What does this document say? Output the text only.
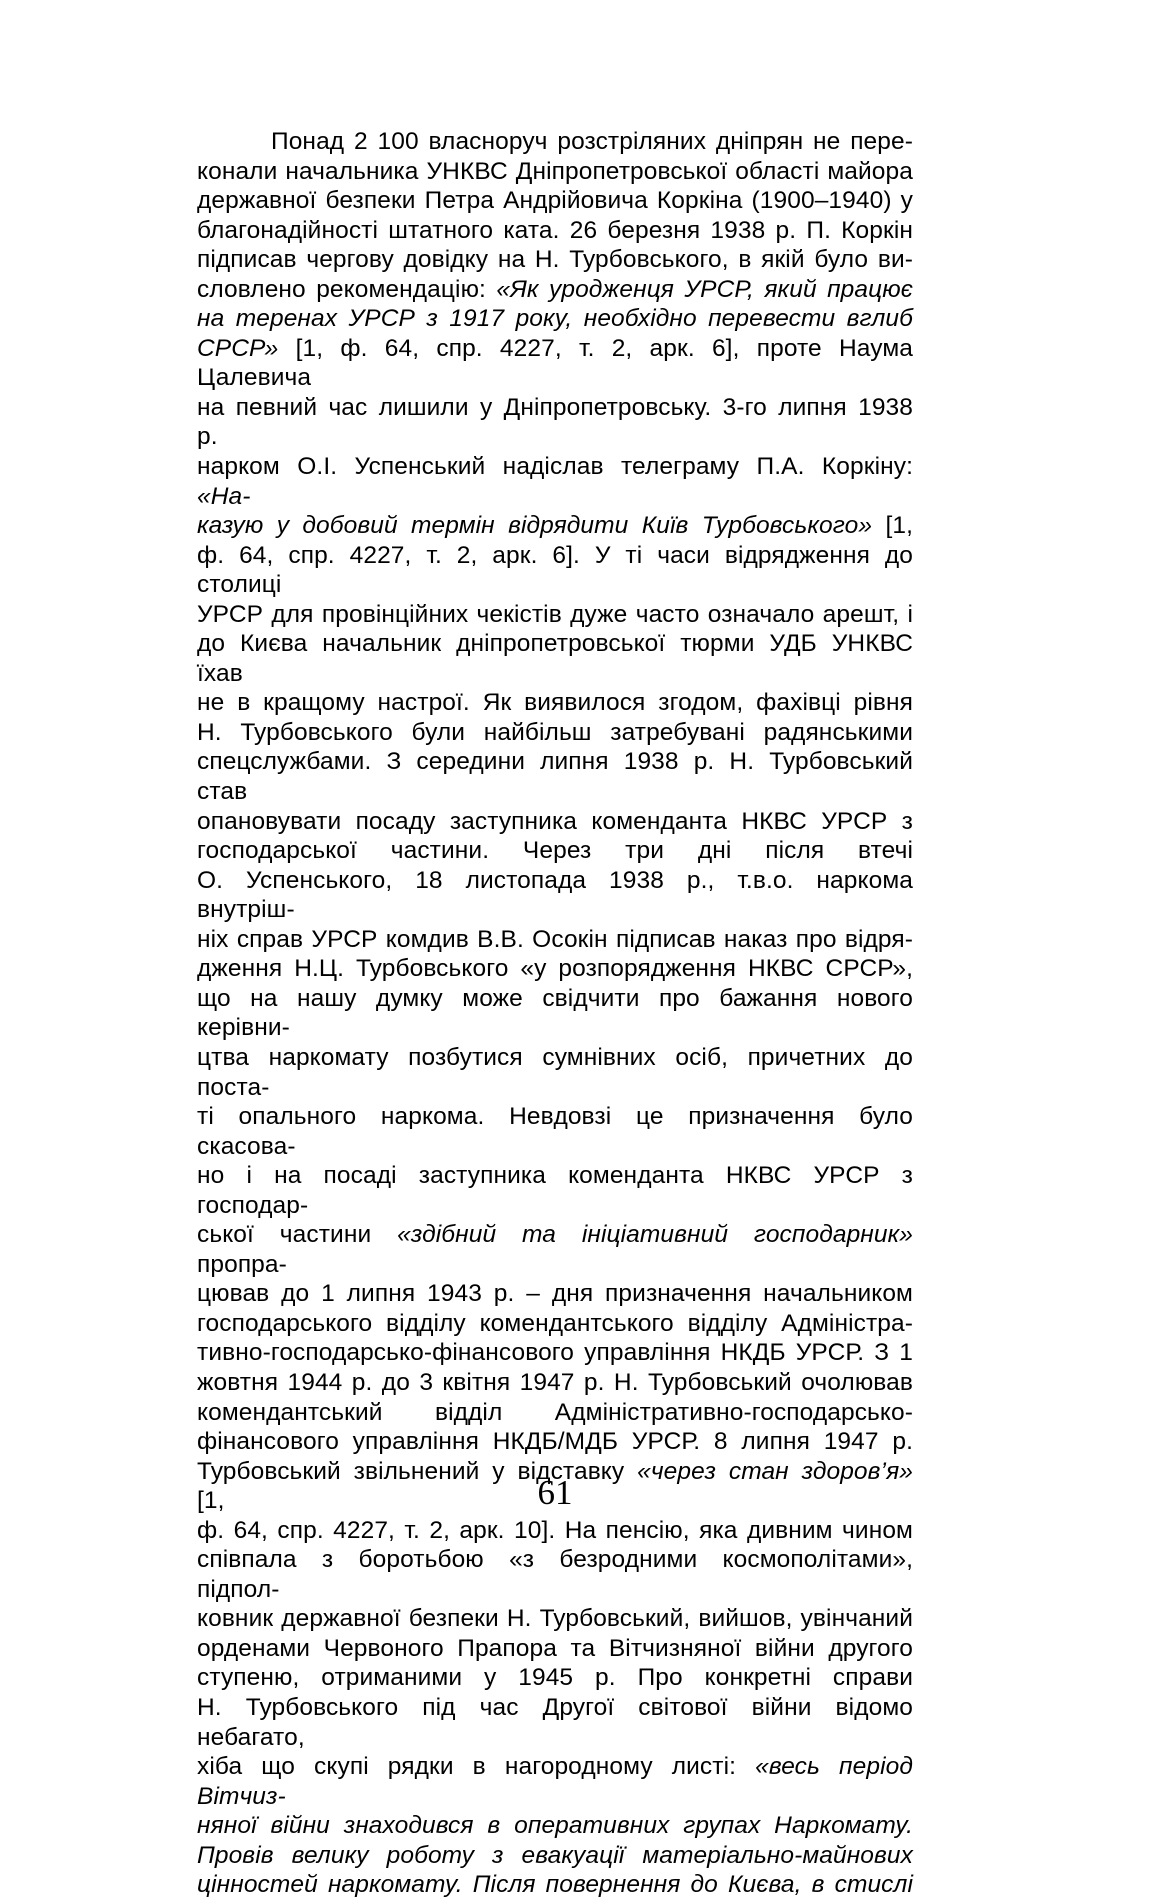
Понад 2 100 власноруч розстріляних дніпрян не пере-
конали начальника УНКВС Дніпропетровської області майора
державної безпеки Петра Андрійовича Коркіна (1900–1940) у
благонадійності штатного ката. 26 березня 1938 р. П. Коркін
підписав чергову довідку на Н. Турбовського, в якій було ви-
словлено рекомендацію: «Як уродженця УРСР, який працює
на теренах УРСР з 1917 року, необхідно перевести вглиб
СРСР» [1, ф. 64, спр. 4227, т. 2, арк. 6], проте Наума Цалевича
на певний час лишили у Дніпропетровську. 3-го липня 1938 р.
нарком О.І. Успенський надіслав телеграму П.А. Коркіну: «На-
казую у добовий термін відрядити Київ Турбовського» [1,
ф. 64, спр. 4227, т. 2, арк. 6]. У ті часи відрядження до столиці
УРСР для провінційних чекістів дуже часто означало арешт, і
до Києва начальник дніпропетровської тюрми УДБ УНКВС їхав
не в кращому настрої. Як виявилося згодом, фахівці рівня
Н. Турбовського були найбільш затребувані радянськими
спецслужбами. З середини липня 1938 р. Н. Турбовський став
опановувати посаду заступника коменданта НКВС УРСР з
господарської частини. Через три дні після втечі
О. Успенського, 18 листопада 1938 р., т.в.о. наркома внутріш-
ніх справ УРСР комдив В.В. Осокін підписав наказ про відря-
дження Н.Ц. Турбовського «у розпорядження НКВС СРСР»,
що на нашу думку може свідчити про бажання нового керівни-
цтва наркомату позбутися сумнівних осіб, причетних до поста-
ті опального наркома. Невдовзі це призначення було скасова-
но і на посаді заступника коменданта НКВС УРСР з господар-
ської частини «здібний та ініціативний господарник» пропра-
цював до 1 липня 1943 р. – дня призначення начальником
господарського відділу комендантського відділу Адміністра-
тивно-господарсько-фінансового управління НКДБ УРСР. З 1
жовтня 1944 р. до 3 квітня 1947 р. Н. Турбовський очолював
комендантський відділ Адміністративно-господарсько-
фінансового управління НКДБ/МДБ УРСР. 8 липня 1947 р.
Турбовський звільнений у відставку «через стан здоров’я» [1,
ф. 64, спр. 4227, т. 2, арк. 10]. На пенсію, яка дивним чином
співпала з боротьбою «з безродними космополітами», підпол-
ковник державної безпеки Н. Турбовський, вийшов, увінчаний
орденами Червоного Прапора та Вітчизняної війни другого
ступеню, отриманими у 1945 р. Про конкретні справи
Н. Турбовського під час Другої світової війни відомо небагато,
хіба що скупі рядки в нагородному листі: «весь період Вітчиз-
няної війни знаходився в оперативних групах Наркомату.
Провів велику роботу з евакуації матеріально-майнових
цінностей наркомату. Після повернення до Києва, в стислі
61
